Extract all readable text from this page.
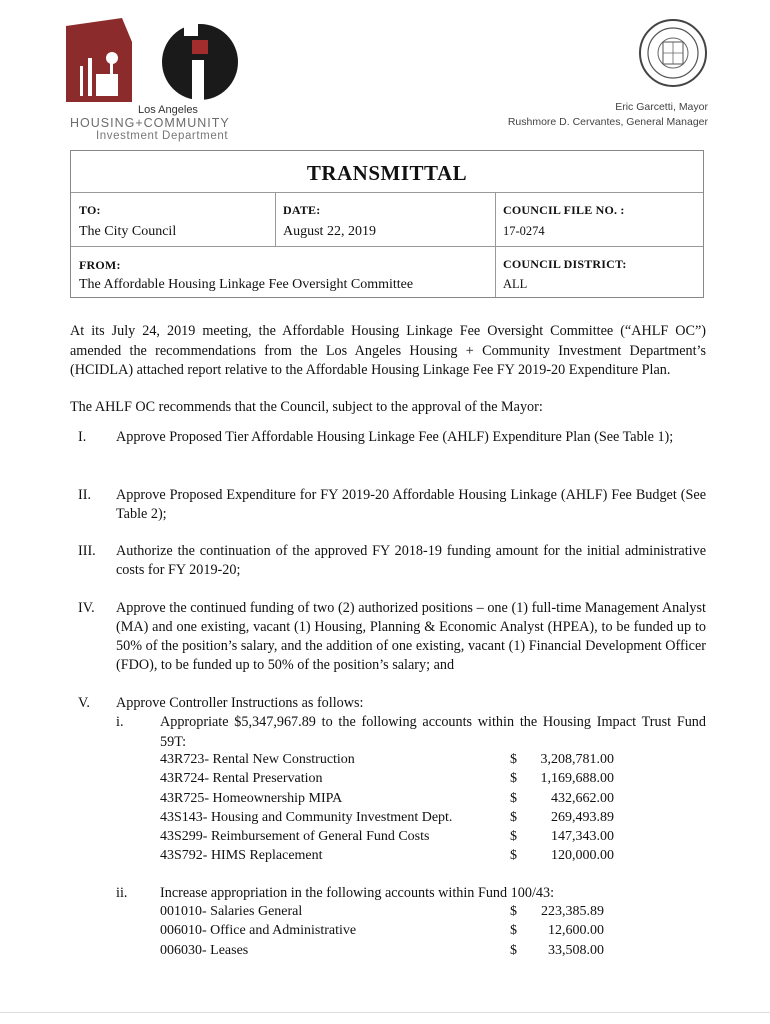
Los Angeles
HOUSING+COMMUNITY
Investment Department
Eric Garcetti, Mayor
Rushmore D. Cervantes, General Manager
TRANSMITTAL
TO:
The City Council
DATE:
August 22, 2019
COUNCIL FILE NO. :
17-0274
FROM:
The Affordable Housing Linkage Fee Oversight Committee
COUNCIL DISTRICT:
ALL
At its July 24, 2019 meeting, the Affordable Housing Linkage Fee Oversight Committee (“AHLF OC”) amended the recommendations from the Los Angeles Housing + Community Investment Department’s (HCIDLA) attached report relative to the Affordable Housing Linkage Fee FY 2019-20 Expenditure Plan.
The AHLF OC recommends that the Council, subject to the approval of the Mayor:
I. Approve Proposed Tier Affordable Housing Linkage Fee (AHLF) Expenditure Plan (See Table 1);
II. Approve Proposed Expenditure for FY 2019-20 Affordable Housing Linkage (AHLF) Fee Budget (See Table 2);
III. Authorize the continuation of the approved FY 2018-19 funding amount for the initial administrative costs for FY 2019-20;
IV. Approve the continued funding of two (2) authorized positions – one (1) full-time Management Analyst (MA) and one existing, vacant (1) Housing, Planning & Economic Analyst (HPEA), to be funded up to 50% of the position’s salary, and the addition of one existing, vacant (1) Financial Development Officer (FDO), to be funded up to 50% of the position’s salary; and
V. Approve Controller Instructions as follows:
i.	Appropriate $5,347,967.89 to the following accounts within the Housing Impact Trust Fund 59T:
43R723- Rental New Construction	$	3,208,781.00
43R724- Rental Preservation	$	1,169,688.00
43R725- Homeownership MIPA	$	432,662.00
43S143- Housing and Community Investment Dept.	$	269,493.89
43S299- Reimbursement of General Fund Costs	$	147,343.00
43S792- HIMS Replacement	$	120,000.00
ii. Increase appropriation in the following accounts within Fund 100/43:
001010- Salaries General	$	223,385.89
006010- Office and Administrative	$	12,600.00
006030- Leases	$	33,508.00
